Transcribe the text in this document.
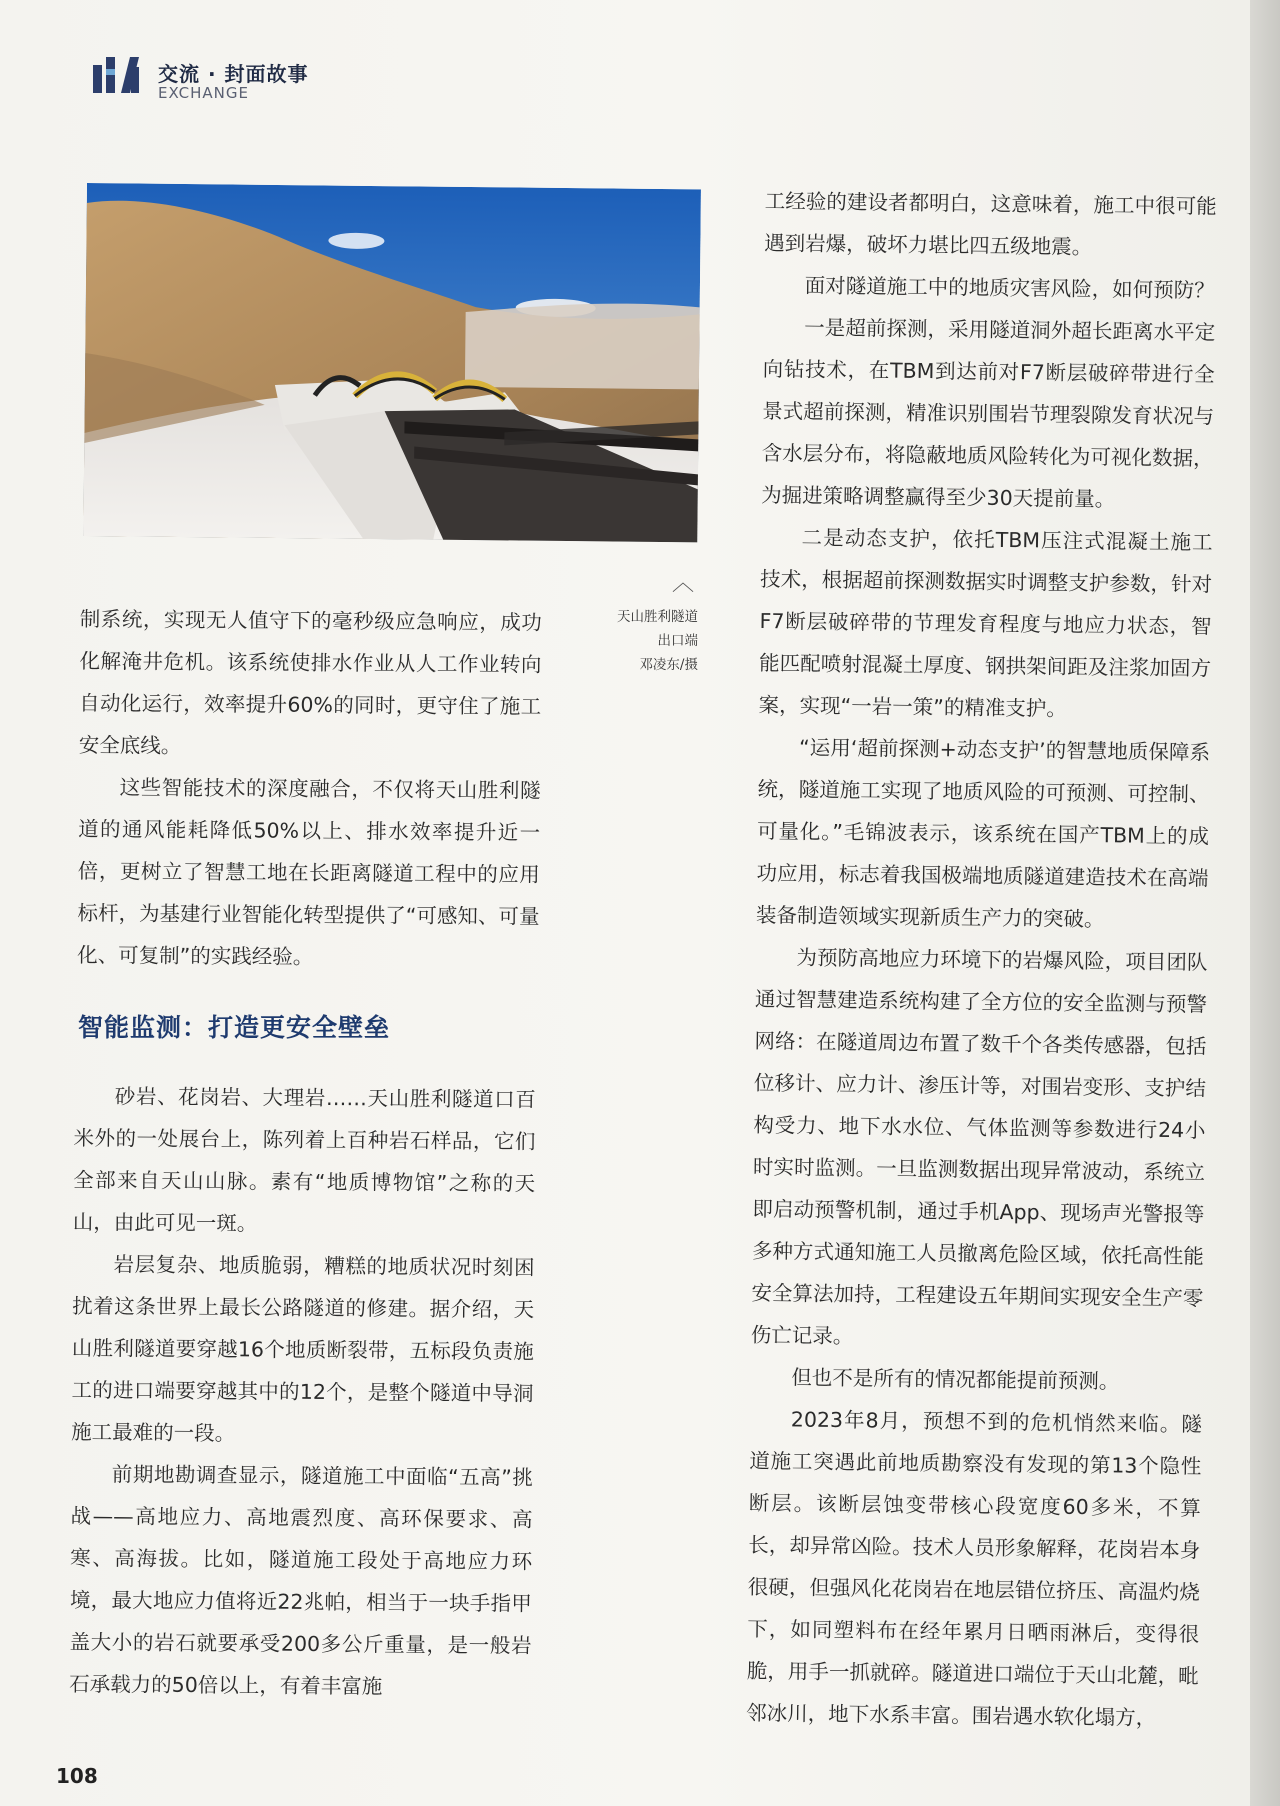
交流 · 封面故事
EXCHANGE
︿
天山胜利隧道
出口端
邓凌东/摄

制系统，实现无人值守下的毫秒级应急响应，成功化解淹井危机。该系统使排水作业从人工作业转向自动化运行，效率提升60%的同时，更守住了施工安全底线。

这些智能技术的深度融合，不仅将天山胜利隧道的通风能耗降低50%以上、排水效率提升近一倍，更树立了智慧工地在长距离隧道工程中的应用标杆，为基建行业智能化转型提供了“可感知、可量化、可复制”的实践经验。

智能监测：打造更安全壁垒

砂岩、花岗岩、大理岩……天山胜利隧道口百米外的一处展台上，陈列着上百种岩石样品，它们全部来自天山山脉。素有“地质博物馆”之称的天山，由此可见一斑。

岩层复杂、地质脆弱，糟糕的地质状况时刻困扰着这条世界上最长公路隧道的修建。据介绍，天山胜利隧道要穿越16个地质断裂带，五标段负责施工的进口端要穿越其中的12个，是整个隧道中导洞施工最难的一段。

前期地勘调查显示，隧道施工中面临“五高”挑战——高地应力、高地震烈度、高环保要求、高寒、高海拔。比如，隧道施工段处于高地应力环境，最大地应力值将近22兆帕，相当于一块手指甲盖大小的岩石就要承受200多公斤重量，是一般岩石承载力的50倍以上，有着丰富施

工经验的建设者都明白，这意味着，施工中很可能遇到岩爆，破坏力堪比四五级地震。

面对隧道施工中的地质灾害风险，如何预防？

一是超前探测，采用隧道洞外超长距离水平定向钻技术，在TBM到达前对F7断层破碎带进行全景式超前探测，精准识别围岩节理裂隙发育状况与含水层分布，将隐蔽地质风险转化为可视化数据，为掘进策略调整赢得至少30天提前量。

二是动态支护，依托TBM压注式混凝土施工技术，根据超前探测数据实时调整支护参数，针对F7断层破碎带的节理发育程度与地应力状态，智能匹配喷射混凝土厚度、钢拱架间距及注浆加固方案，实现“一岩一策”的精准支护。

“运用‘超前探测+动态支护’的智慧地质保障系统，隧道施工实现了地质风险的可预测、可控制、可量化。”毛锦波表示，该系统在国产TBM上的成功应用，标志着我国极端地质隧道建造技术在高端装备制造领域实现新质生产力的突破。

为预防高地应力环境下的岩爆风险，项目团队通过智慧建造系统构建了全方位的安全监测与预警网络：在隧道周边布置了数千个各类传感器，包括位移计、应力计、渗压计等，对围岩变形、支护结构受力、地下水水位、气体监测等参数进行24小时实时监测。一旦监测数据出现异常波动，系统立即启动预警机制，通过手机App、现场声光警报等多种方式通知施工人员撤离危险区域，依托高性能安全算法加持，工程建设五年期间实现安全生产零伤亡记录。

但也不是所有的情况都能提前预测。

2023年8月，预想不到的危机悄然来临。隧道施工突遇此前地质勘察没有发现的第13个隐性断层。该断层蚀变带核心段宽度60多米，不算长，却异常凶险。技术人员形象解释，花岗岩本身很硬，但强风化花岗岩在地层错位挤压、高温灼烧下，如同塑料布在经年累月日晒雨淋后，变得很脆，用手一抓就碎。隧道进口端位于天山北麓，毗邻冰川，地下水系丰富。围岩遇水软化塌方，

108
